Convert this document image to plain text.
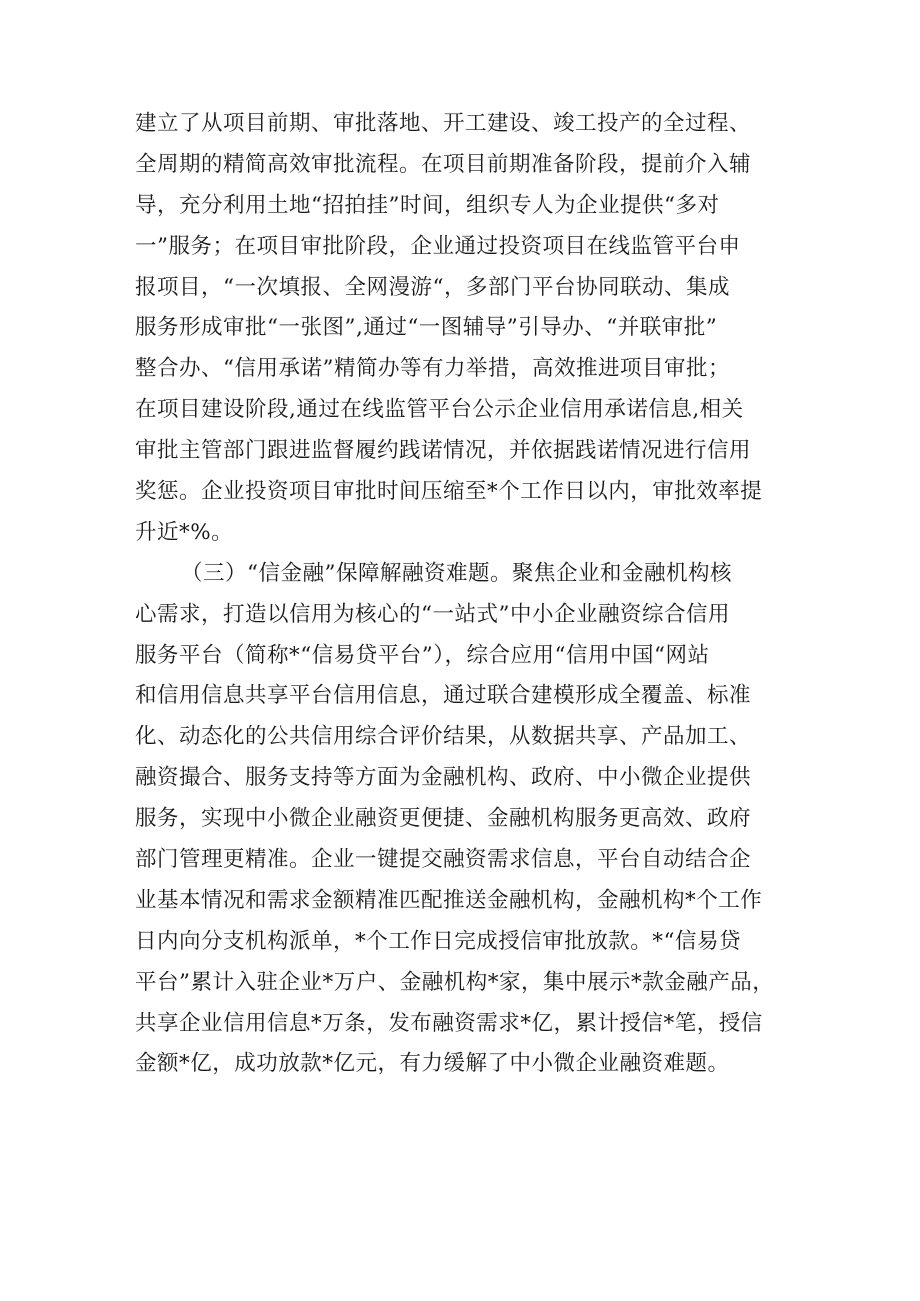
建立了从项目前期、审批落地、开工建设、竣工投产的全过程、
全周期的精简高效审批流程。在项目前期准备阶段，提前介入辅
导，充分利用土地“招拍挂”时间，组织专人为企业提供“多对
一”服务；在项目审批阶段，企业通过投资项目在线监管平台申
报项目，“一次填报、全网漫游“，多部门平台协同联动、集成
服务形成审批“一张图”,通过“一图辅导”引导办、“并联审批”
整合办、“信用承诺”精简办等有力举措，高效推进项目审批；
在项目建设阶段,通过在线监管平台公示企业信用承诺信息,相关
审批主管部门跟进监督履约践诺情况，并依据践诺情况进行信用
奖惩。企业投资项目审批时间压缩至*个工作日以内，审批效率提
升近*%。
（三）“信金融”保障解融资难题。聚焦企业和金融机构核
心需求，打造以信用为核心的“一站式”中小企业融资综合信用
服务平台（简称*“信易贷平台”），综合应用“信用中国“网站
和信用信息共享平台信用信息，通过联合建模形成全覆盖、标准
化、动态化的公共信用综合评价结果，从数据共享、产品加工、
融资撮合、服务支持等方面为金融机构、政府、中小微企业提供
服务，实现中小微企业融资更便捷、金融机构服务更高效、政府
部门管理更精准。企业一键提交融资需求信息，平台自动结合企
业基本情况和需求金额精准匹配推送金融机构，金融机构*个工作
日内向分支机构派单，*个工作日完成授信审批放款。*“信易贷
平台”累计入驻企业*万户、金融机构*家，集中展示*款金融产品，
共享企业信用信息*万条，发布融资需求*亿，累计授信*笔，授信
金额*亿，成功放款*亿元，有力缓解了中小微企业融资难题。
